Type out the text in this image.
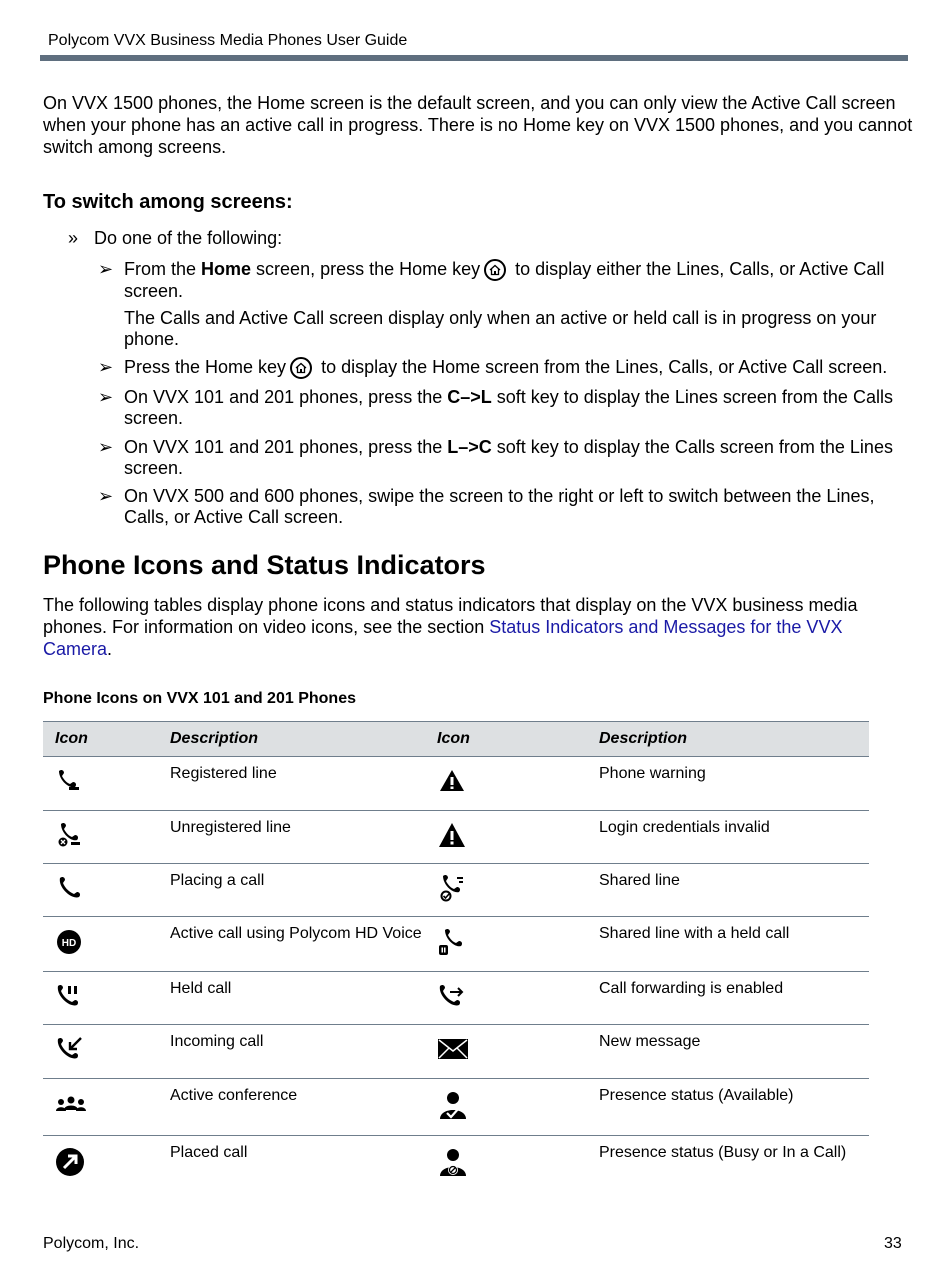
Polycom VVX Business Media Phones User Guide
On VVX 1500 phones, the Home screen is the default screen, and you can only view the Active Call screen when your phone has an active call in progress. There is no Home key on VVX 1500 phones, and you cannot switch among screens.
To switch among screens:
» Do one of the following:
➢ From the Home screen, press the Home key
to display either the Lines, Calls, or Active Call screen.
The Calls and Active Call screen display only when an active or held call is in progress on your phone.
➢ Press the Home key
to display the Home screen from the Lines, Calls, or Active Call screen.
➢ On VVX 101 and 201 phones, press the C–>L soft key to display the Lines screen from the Calls screen.
➢ On VVX 101 and 201 phones, press the L–>C soft key to display the Calls screen from the Lines screen.
➢ On VVX 500 and 600 phones, swipe the screen to the right or left to switch between the Lines, Calls, or Active Call screen.
Phone Icons and Status Indicators
The following tables display phone icons and status indicators that display on the VVX business media phones. For information on video icons, see the section Status Indicators and Messages for the VVX Camera.
Phone Icons on VVX 101 and 201 Phones
Icon	Description	Icon	Description
	Registered line		Phone warning
	Unregistered line		Login credentials invalid
	Placing a call		Shared line

HD	Active call using Polycom HD Voice		Shared line with a held call
	Held call		Call forwarding is enabled
	Incoming call		New message
	Active conference		Presence status (Available)
	Placed call		Presence status (Busy or In a Call)
Polycom, Inc.	33
